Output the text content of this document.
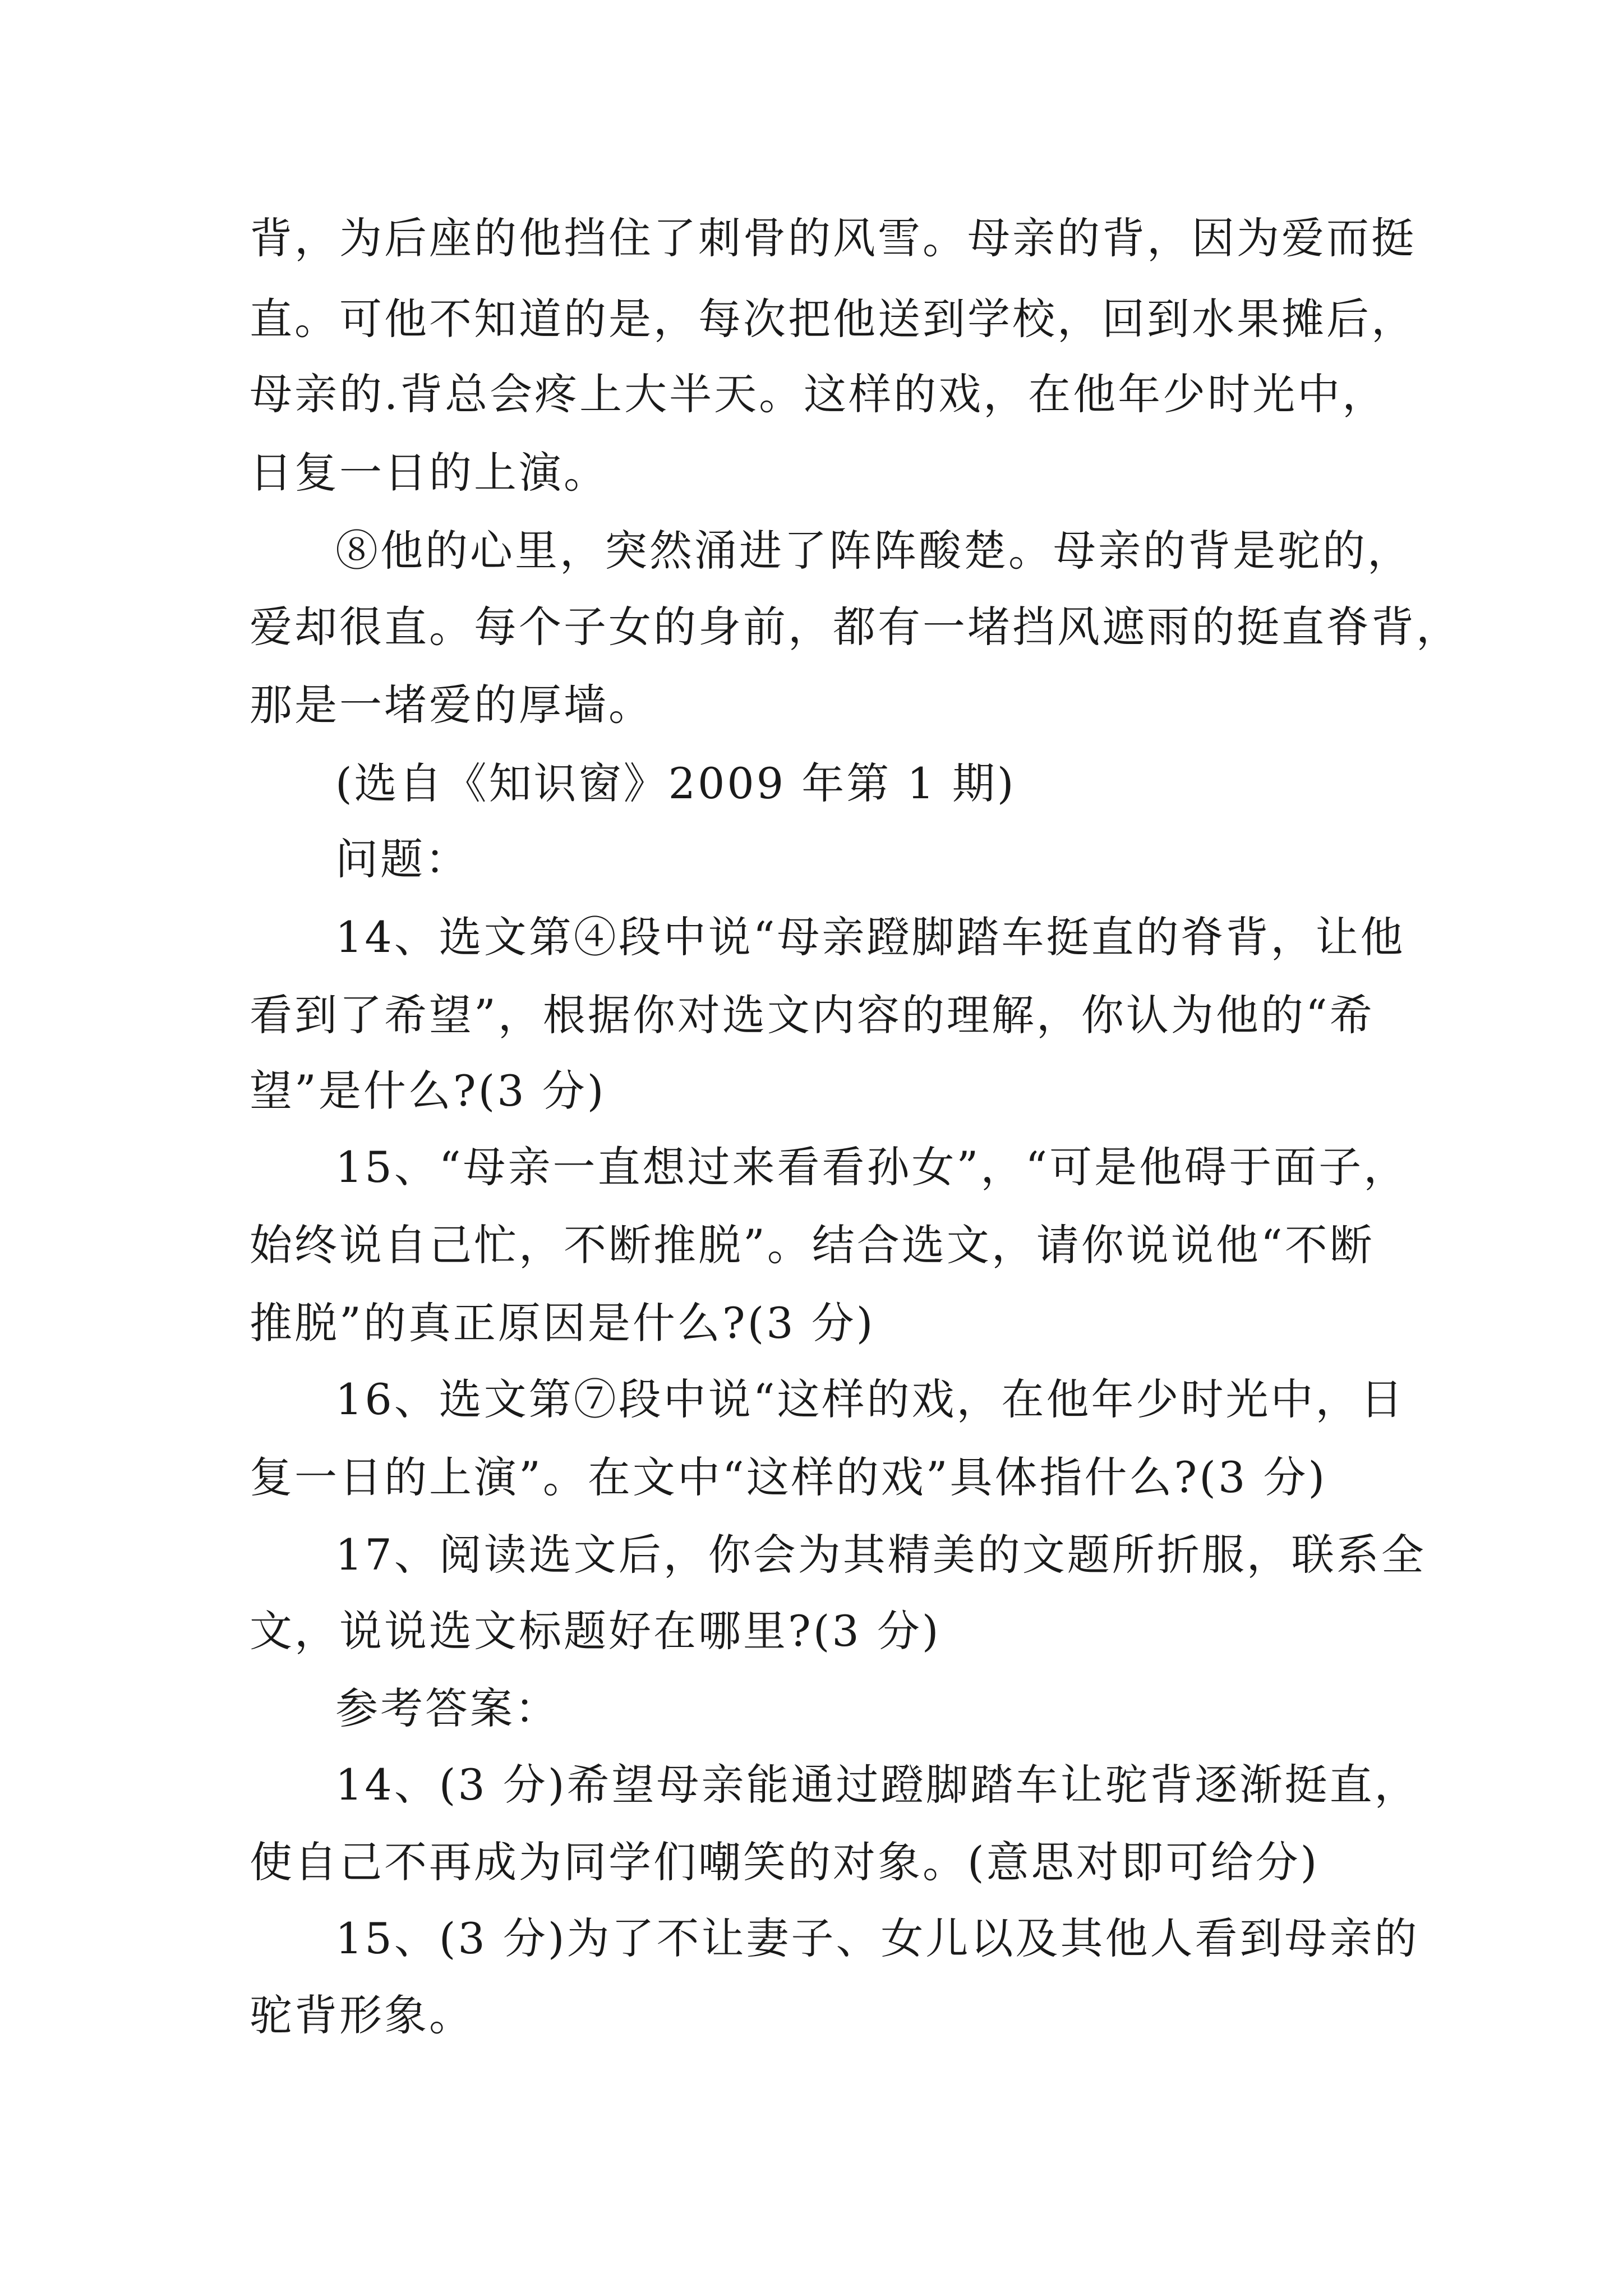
背，为后座的他挡住了刺骨的风雪。母亲的背，因为爱而挺
直。可他不知道的是，每次把他送到学校，回到水果摊后，
母亲的.背总会疼上大半天。这样的戏，在他年少时光中，
日复一日的上演。
⑧他的心里，突然涌进了阵阵酸楚。母亲的背是驼的，
爱却很直。每个子女的身前，都有一堵挡风遮雨的挺直脊背，
那是一堵爱的厚墙。
(选自《知识窗》2009 年第 1 期)
问题：
14、选文第④段中说“母亲蹬脚踏车挺直的脊背，让他
看到了希望”，根据你对选文内容的理解，你认为他的“希
望”是什么?(3 分)
15、“母亲一直想过来看看孙女”，“可是他碍于面子，
始终说自己忙，不断推脱”。结合选文，请你说说他“不断
推脱”的真正原因是什么?(3 分)
16、选文第⑦段中说“这样的戏，在他年少时光中，日
复一日的上演”。在文中“这样的戏”具体指什么?(3 分)
17、阅读选文后，你会为其精美的文题所折服，联系全
文，说说选文标题好在哪里?(3 分)
参考答案：
14、(3 分)希望母亲能通过蹬脚踏车让驼背逐渐挺直，
使自己不再成为同学们嘲笑的对象。(意思对即可给分)
15、(3 分)为了不让妻子、女儿以及其他人看到母亲的
驼背形象。
